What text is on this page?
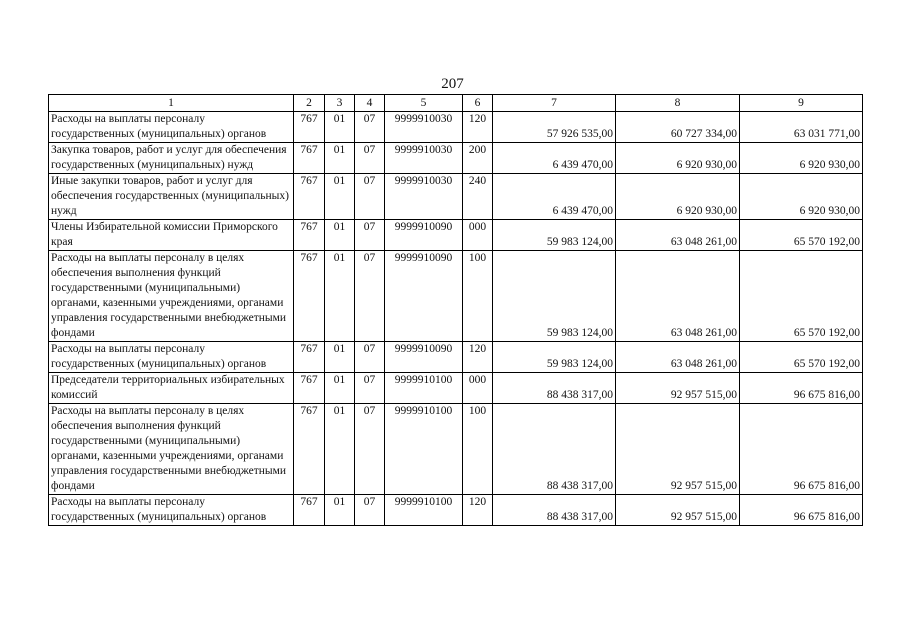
207
1	2	3	4	5	6	7	8	9
Расходы на выплаты персоналу государственных (муниципальных) органов	767	01	07	9999910030	120	57 926 535,00	60 727 334,00	63 031 771,00
Закупка товаров, работ и услуг для обеспечения государственных (муниципальных) нужд	767	01	07	9999910030	200	6 439 470,00	6 920 930,00	6 920 930,00
Иные закупки товаров, работ и услуг для обеспечения государственных (муниципальных) нужд	767	01	07	9999910030	240	6 439 470,00	6 920 930,00	6 920 930,00
Члены Избирательной комиссии Приморского края	767	01	07	9999910090	000	59 983 124,00	63 048 261,00	65 570 192,00
Расходы на выплаты персоналу в целях обеспечения выполнения функций государственными (муниципальными) органами, казенными учреждениями, органами управления государственными внебюджетными фондами	767	01	07	9999910090	100	59 983 124,00	63 048 261,00	65 570 192,00
Расходы на выплаты персоналу государственных (муниципальных) органов	767	01	07	9999910090	120	59 983 124,00	63 048 261,00	65 570 192,00
Председатели территориальных избирательных комиссий	767	01	07	9999910100	000	88 438 317,00	92 957 515,00	96 675 816,00
Расходы на выплаты персоналу в целях обеспечения выполнения функций государственными (муниципальными) органами, казенными учреждениями, органами управления государственными внебюджетными фондами	767	01	07	9999910100	100	88 438 317,00	92 957 515,00	96 675 816,00
Расходы на выплаты персоналу государственных (муниципальных) органов	767	01	07	9999910100	120	88 438 317,00	92 957 515,00	96 675 816,00
